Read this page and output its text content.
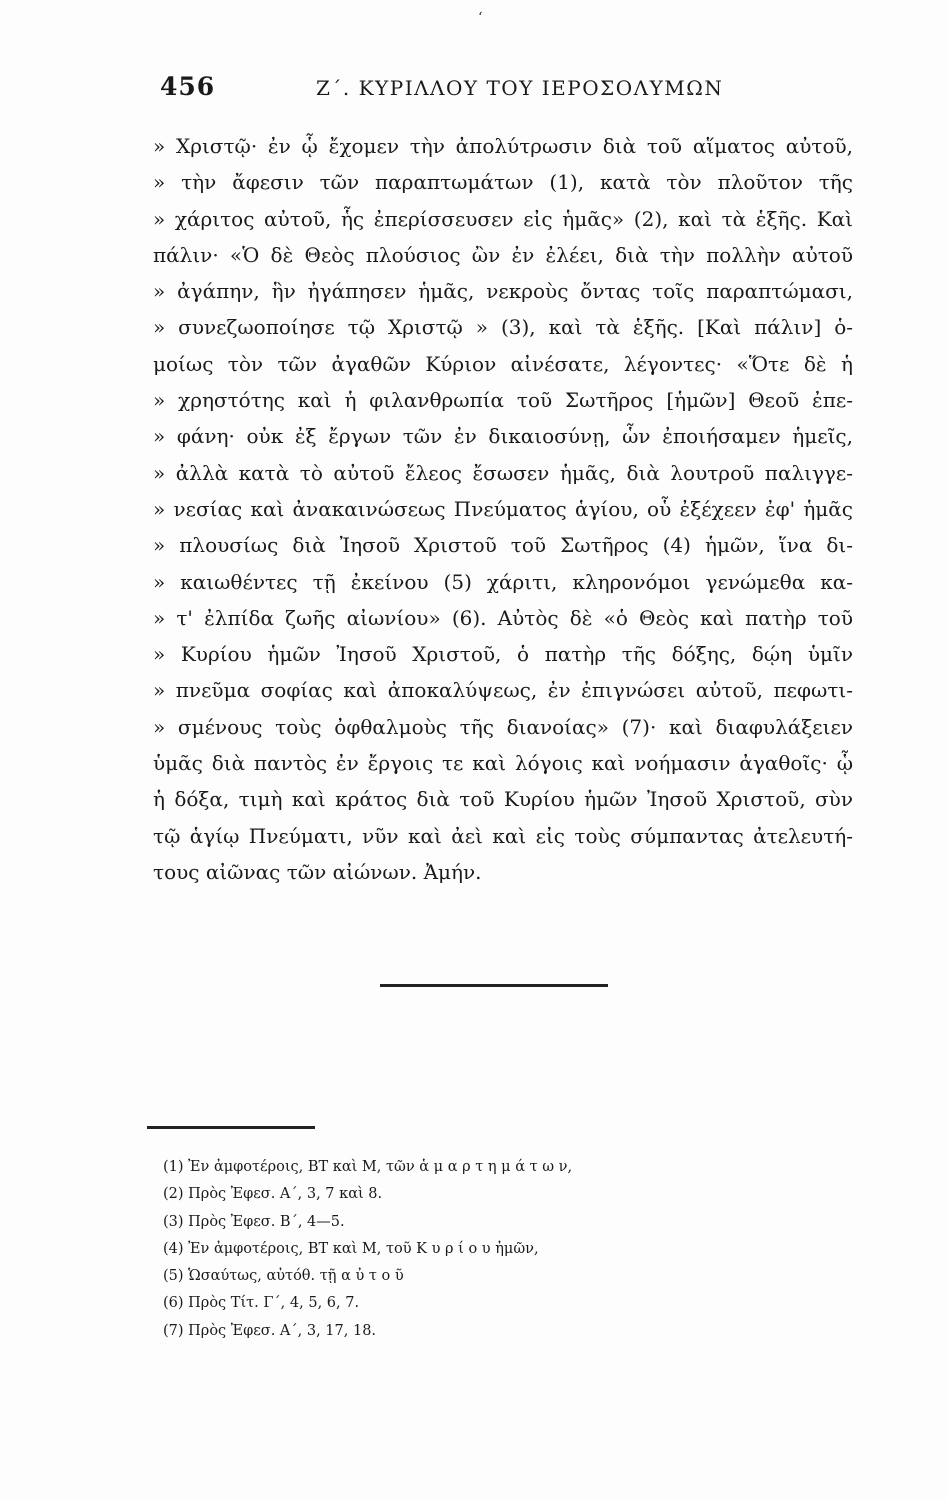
ʻ
456	Ζ΄. ΚΥΡΙΛΛΟΥ ΤΟΥ ΙΕΡΟΣΟΛΥΜΩΝ
» Χριστῷ· ἐν ᾧ ἔχομεν τὴν ἀπολύτρωσιν διὰ τοῦ αἵματος αὐτοῦ,
» τὴν ἄφεσιν τῶν παραπτωμάτων (1), κατὰ τὸν πλοῦτον τῆς
» χάριτος αὐτοῦ, ἧς ἐπερίσσευσεν εἰς ἡμᾶς» (2), καὶ τὰ ἑξῆς. Καὶ
πάλιν· «Ὁ δὲ Θεὸς πλούσιος ὢν ἐν ἐλέει, διὰ τὴν πολλὴν αὐτοῦ
» ἀγάπην, ἣν ἠγάπησεν ἡμᾶς, νεκροὺς ὄντας τοῖς παραπτώμασι,
» συνεζωοποίησε τῷ Χριστῷ » (3), καὶ τὰ ἑξῆς. [Καὶ πάλιν] ὁ-
μοίως τὸν τῶν ἀγαθῶν Κύριον αἰνέσατε, λέγοντες· «Ὅτε δὲ ἡ
» χρηστότης καὶ ἡ φιλανθρωπία τοῦ Σωτῆρος [ἡμῶν] Θεοῦ ἐπε-
» φάνη· οὐκ ἐξ ἔργων τῶν ἐν δικαιοσύνῃ, ὧν ἐποιήσαμεν ἡμεῖς,
» ἀλλὰ κατὰ τὸ αὐτοῦ ἔλεος ἔσωσεν ἡμᾶς, διὰ λουτροῦ παλιγγε-
» νεσίας καὶ ἀνακαινώσεως Πνεύματος ἁγίου, οὗ ἐξέχεεν ἐφ' ἡμᾶς
» πλουσίως διὰ Ἰησοῦ Χριστοῦ τοῦ Σωτῆρος (4) ἡμῶν, ἵνα δι-
» καιωθέντες τῇ ἐκείνου (5) χάριτι, κληρονόμοι γενώμεθα κα-
» τ' ἐλπίδα ζωῆς αἰωνίου» (6). Αὐτὸς δὲ «ὁ Θεὸς καὶ πατὴρ τοῦ
» Κυρίου ἡμῶν Ἰησοῦ Χριστοῦ, ὁ πατὴρ τῆς δόξης, δῴη ὑμῖν
» πνεῦμα σοφίας καὶ ἀποκαλύψεως, ἐν ἐπιγνώσει αὐτοῦ, πεφωτι-
» σμένους τοὺς ὀφθαλμοὺς τῆς διανοίας» (7)· καὶ διαφυλάξειεν
ὑμᾶς διὰ παντὸς ἐν ἔργοις τε καὶ λόγοις καὶ νοήμασιν ἀγαθοῖς· ᾧ
ἡ δόξα, τιμὴ καὶ κράτος διὰ τοῦ Κυρίου ἡμῶν Ἰησοῦ Χριστοῦ, σὺν
τῷ ἁγίῳ Πνεύματι, νῦν καὶ ἀεὶ καὶ εἰς τοὺς σύμπαντας ἀτελευτή-
τους αἰῶνας τῶν αἰώνων. Ἀμήν.
(1) Ἐν ἀμφοτέροις, BT καὶ M, τῶν ἁ μ α ρ τ η μ ά τ ω ν,
(2) Πρὸς Ἐφεσ. Α΄, 3, 7 καὶ 8.
(3) Πρὸς Ἐφεσ. Β΄, 4—5.
(4) Ἐν ἀμφοτέροις, BT καὶ M, τοῦ Κ υ ρ ί ο υ ἡμῶν,
(5) Ὡσαύτως, αὐτόθ. τῇ α ὐ τ ο ῦ
(6) Πρὸς Τίτ. Γ΄, 4, 5, 6, 7.
(7) Πρὸς Ἐφεσ. Α΄, 3, 17, 18.
